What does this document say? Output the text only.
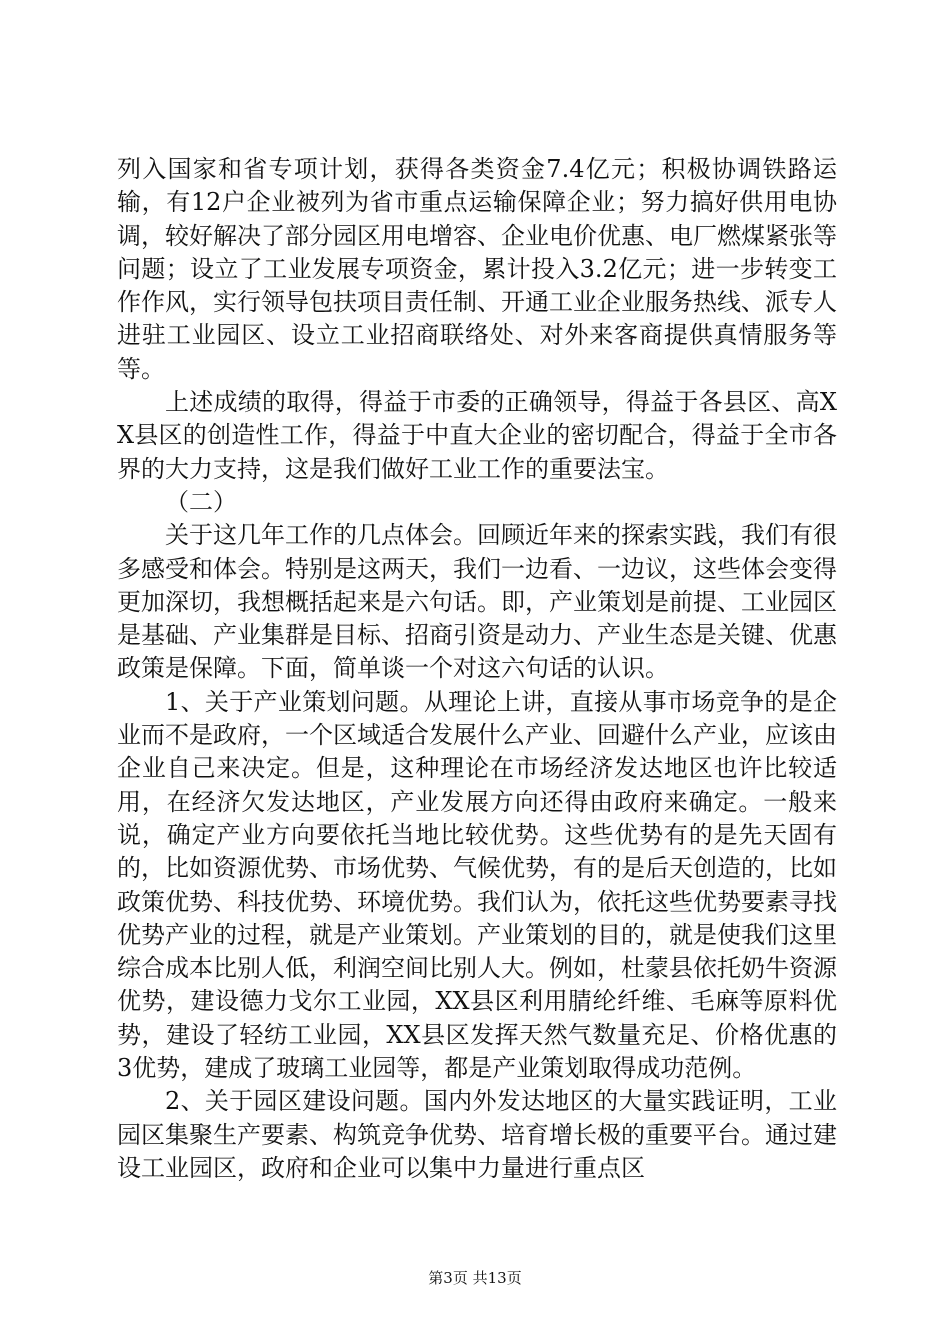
列入国家和省专项计划，获得各类资金7.4亿元；积极协调铁路运输，有12户企业被列为省市重点运输保障企业；努力搞好供用电协调，较好解决了部分园区用电增容、企业电价优惠、电厂燃煤紧张等问题；设立了工业发展专项资金，累计投入3.2亿元；进一步转变工作作风，实行领导包扶项目责任制、开通工业企业服务热线、派专人进驻工业园区、设立工业招商联络处、对外来客商提供真情服务等等。

上述成绩的取得，得益于市委的正确领导，得益于各县区、高XX县区的创造性工作，得益于中直大企业的密切配合，得益于全市各界的大力支持，这是我们做好工业工作的重要法宝。

（二）

关于这几年工作的几点体会。回顾近年来的探索实践，我们有很多感受和体会。特别是这两天，我们一边看、一边议，这些体会变得更加深切，我想概括起来是六句话。即，产业策划是前提、工业园区是基础、产业集群是目标、招商引资是动力、产业生态是关键、优惠政策是保障。下面，简单谈一个对这六句话的认识。

1、关于产业策划问题。从理论上讲，直接从事市场竞争的是企业而不是政府，一个区域适合发展什么产业、回避什么产业，应该由企业自己来决定。但是，这种理论在市场经济发达地区也许比较适用，在经济欠发达地区，产业发展方向还得由政府来确定。一般来说，确定产业方向要依托当地比较优势。这些优势有的是先天固有的，比如资源优势、市场优势、气候优势，有的是后天创造的，比如政策优势、科技优势、环境优势。我们认为，依托这些优势要素寻找优势产业的过程，就是产业策划。产业策划的目的，就是使我们这里综合成本比别人低，利润空间比别人大。例如，杜蒙县依托奶牛资源优势，建设德力戈尔工业园，XX县区利用腈纶纤维、毛麻等原料优势，建设了轻纺工业园，XX县区发挥天然气数量充足、价格优惠的3优势，建成了玻璃工业园等，都是产业策划取得成功范例。

2、关于园区建设问题。国内外发达地区的大量实践证明，工业园区集聚生产要素、构筑竞争优势、培育增长极的重要平台。通过建设工业园区，政府和企业可以集中力量进行重点区

第3页 共13页
